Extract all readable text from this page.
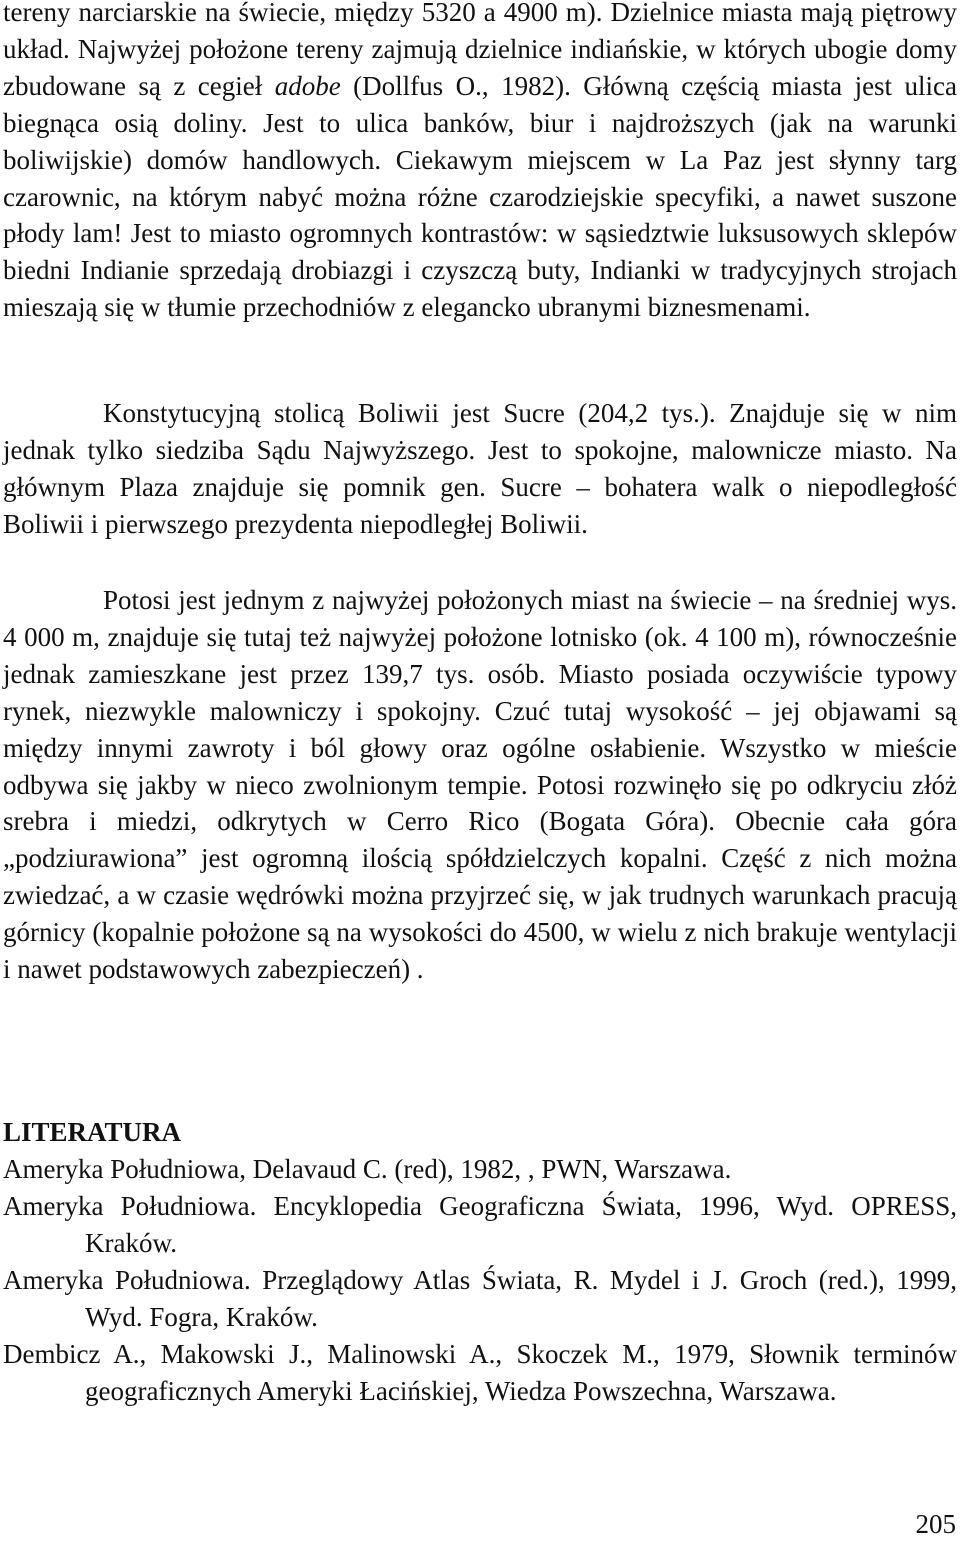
tereny narciarskie na świecie, między 5320 a 4900 m). Dzielnice miasta mają piętrowy układ. Najwyżej położone tereny zajmują dzielnice indiańskie, w których ubogie domy zbudowane są z cegieł adobe (Dollfus O., 1982). Główną częścią miasta jest ulica biegnąca osią doliny. Jest to ulica banków, biur i najdroższych (jak na warunki boliwijskie) domów handlowych. Ciekawym miejscem w La Paz jest słynny targ czarownic, na którym nabyć można różne czarodziejskie specyfiki, a nawet suszone płody lam! Jest to miasto ogromnych kontrastów: w sąsiedztwie luksusowych sklepów biedni Indianie sprzedają drobiazgi i czyszczą buty, Indianki w tradycyjnych strojach mieszają się w tłumie przechodniów z elegancko ubranymi biznesmenami.

Konstytucyjną stolicą Boliwii jest Sucre (204,2 tys.). Znajduje się w nim jednak tylko siedziba Sądu Najwyższego. Jest to spokojne, malownicze miasto. Na głównym Plaza znajduje się pomnik gen. Sucre – bohatera walk o niepodległość Boliwii i pierwszego prezydenta niepodległej Boliwii.

Potosi jest jednym z najwyżej położonych miast na świecie – na średniej wys. 4 000 m, znajduje się tutaj też najwyżej położone lotnisko (ok. 4 100 m), równocześnie jednak zamieszkane jest przez 139,7 tys. osób. Miasto posiada oczywiście typowy rynek, niezwykle malowniczy i spokojny. Czuć tutaj wysokość – jej objawami są między innymi zawroty i ból głowy oraz ogólne osłabienie. Wszystko w mieście odbywa się jakby w nieco zwolnionym tempie. Potosi rozwinęło się po odkryciu złóż srebra i miedzi, odkrytych w Cerro Rico (Bogata Góra). Obecnie cała góra „podziurawiona” jest ogromną ilością spółdzielczych kopalni. Część z nich można zwiedzać, a w czasie wędrówki można przyjrzeć się, w jak trudnych warunkach pracują górnicy (kopalnie położone są na wysokości do 4500, w wielu z nich brakuje wentylacji i nawet podstawowych zabezpieczeń) .

LITERATURA
Ameryka Południowa, Delavaud C. (red), 1982, , PWN, Warszawa.
Ameryka Południowa. Encyklopedia Geograficzna Świata, 1996, Wyd. OPRESS, Kraków.
Ameryka Południowa. Przeglądowy Atlas Świata, R. Mydel i J. Groch (red.), 1999, Wyd. Fogra, Kraków.
Dembicz A., Makowski J., Malinowski A., Skoczek M., 1979, Słownik terminów geograficznych Ameryki Łacińskiej, Wiedza Powszechna, Warszawa.
205
